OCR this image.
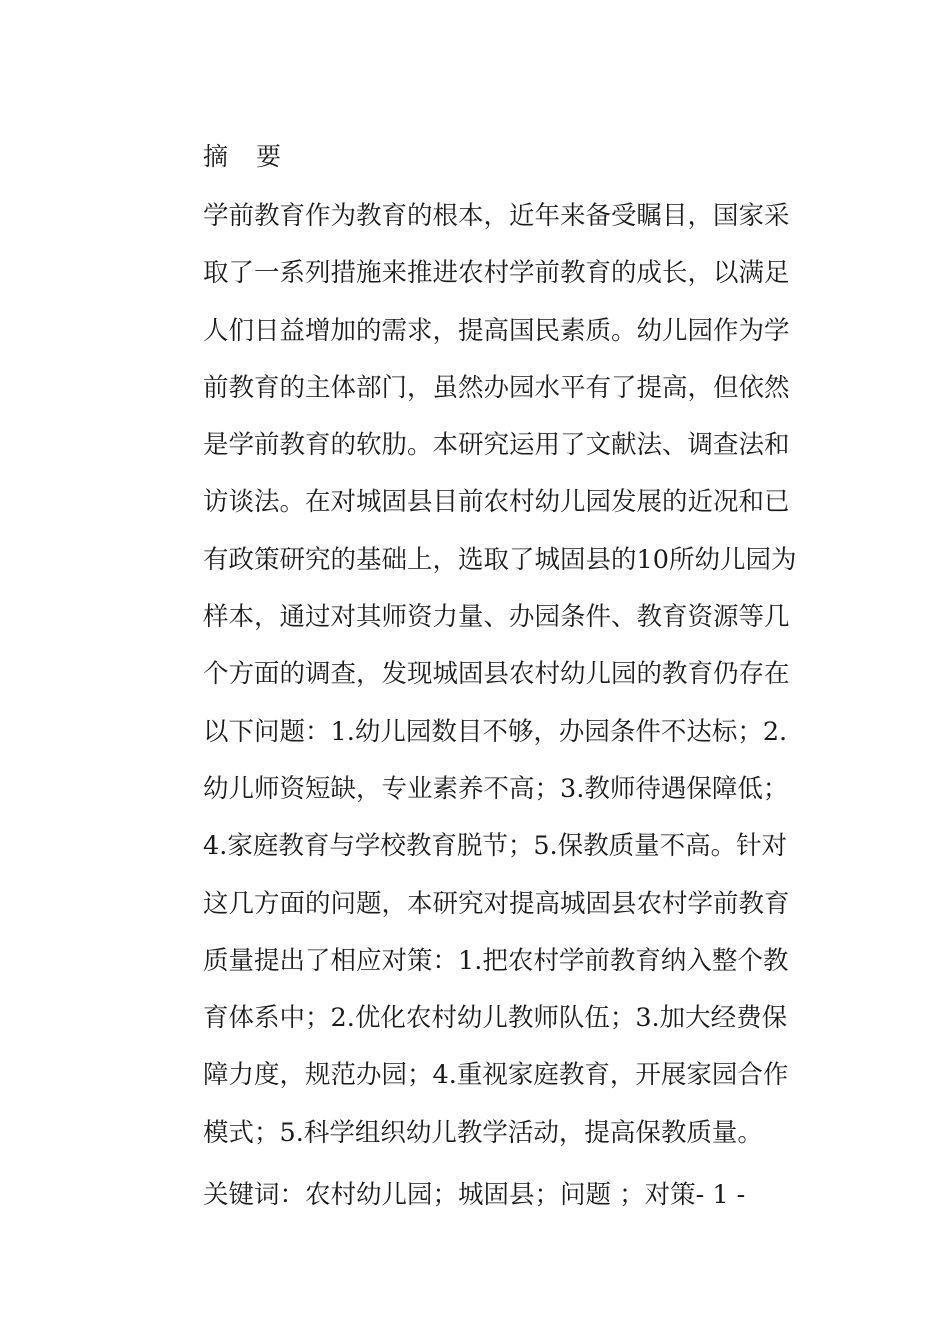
摘 要
学前教育作为教育的根本，近年来备受瞩目，国家采
取了一系列措施来推进农村学前教育的成长，以满足
人们日益增加的需求，提高国民素质。幼儿园作为学
前教育的主体部门，虽然办园水平有了提高，但依然
是学前教育的软肋。本研究运用了文献法、调查法和
访谈法。在对城固县目前农村幼儿园发展的近况和已
有政策研究的基础上，选取了城固县的10所幼儿园为
样本，通过对其师资力量、办园条件、教育资源等几
个方面的调查，发现城固县农村幼儿园的教育仍存在
以下问题：1.幼儿园数目不够，办园条件不达标；2.
幼儿师资短缺，专业素养不高；3.教师待遇保障低；
4.家庭教育与学校教育脱节；5.保教质量不高。针对
这几方面的问题，本研究对提高城固县农村学前教育
质量提出了相应对策：1.把农村学前教育纳入整个教
育体系中；2.优化农村幼儿教师队伍；3.加大经费保
障力度，规范办园；4.重视家庭教育，开展家园合作
模式；5.科学组织幼儿教学活动，提高保教质量。
关键词：农村幼儿园；城固县；问题 ；对策- 1 -
